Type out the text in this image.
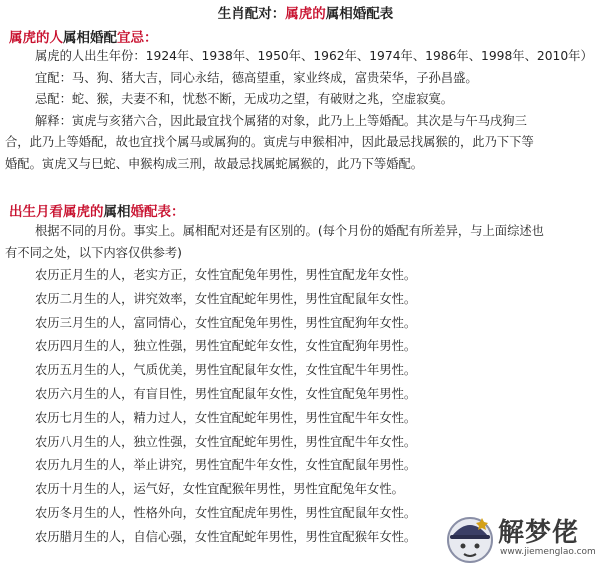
生肖配对：属虎的属相婚配表
属虎的人属相婚配宜忌：
属虎的人出生年份：1924年、1938年、1950年、1962年、1974年、1986年、1998年、2010年）
宜配：马、狗、猪大吉，同心永结，德高望重，家业终成，富贵荣华，子孙昌盛。
忌配：蛇、猴，夫妻不和，忧愁不断，无成功之望，有破财之兆，空虚寂寞。
解释：寅虎与亥猪六合，因此最宜找个属猪的对象，此乃上上等婚配。其次是与午马戌狗三
合，此乃上等婚配，故也宜找个属马或属狗的。寅虎与申猴相冲，因此最忌找属猴的，此乃下下等
婚配。寅虎又与巳蛇、申猴构成三刑，故最忌找属蛇属猴的，此乃下等婚配。
出生月看属虎的属相婚配表：
根据不同的月份。事实上。属相配对还是有区别的。(每个月份的婚配有所差异，与上面综述也
有不同之处，以下内容仅供参考)
农历正月生的人，老实方正，女性宜配兔年男性，男性宜配龙年女性。
农历二月生的人，讲究效率，女性宜配蛇年男性，男性宜配鼠年女性。
农历三月生的人，富同情心，女性宜配兔年男性，男性宜配狗年女性。
农历四月生的人，独立性强，男性宜配蛇年女性，女性宜配狗年男性。
农历五月生的人，气质优美，男性宜配鼠年女性，女性宜配牛年男性。
农历六月生的人，有盲目性，男性宜配鼠年女性，女性宜配兔年男性。
农历七月生的人，精力过人，女性宜配蛇年男性，男性宜配牛年女性。
农历八月生的人，独立性强，女性宜配蛇年男性，男性宜配牛年女性。
农历九月生的人，举止讲究，男性宜配牛年女性，女性宜配鼠年男性。
农历十月生的人，运气好，女性宜配猴年男性，男性宜配兔年女性。
农历冬月生的人，性格外向，女性宜配虎年男性，男性宜配鼠年女性。
农历腊月生的人，自信心强，女性宜配蛇年男性，男性宜配猴年女性。	解梦佬
www.jiemenglao.com
